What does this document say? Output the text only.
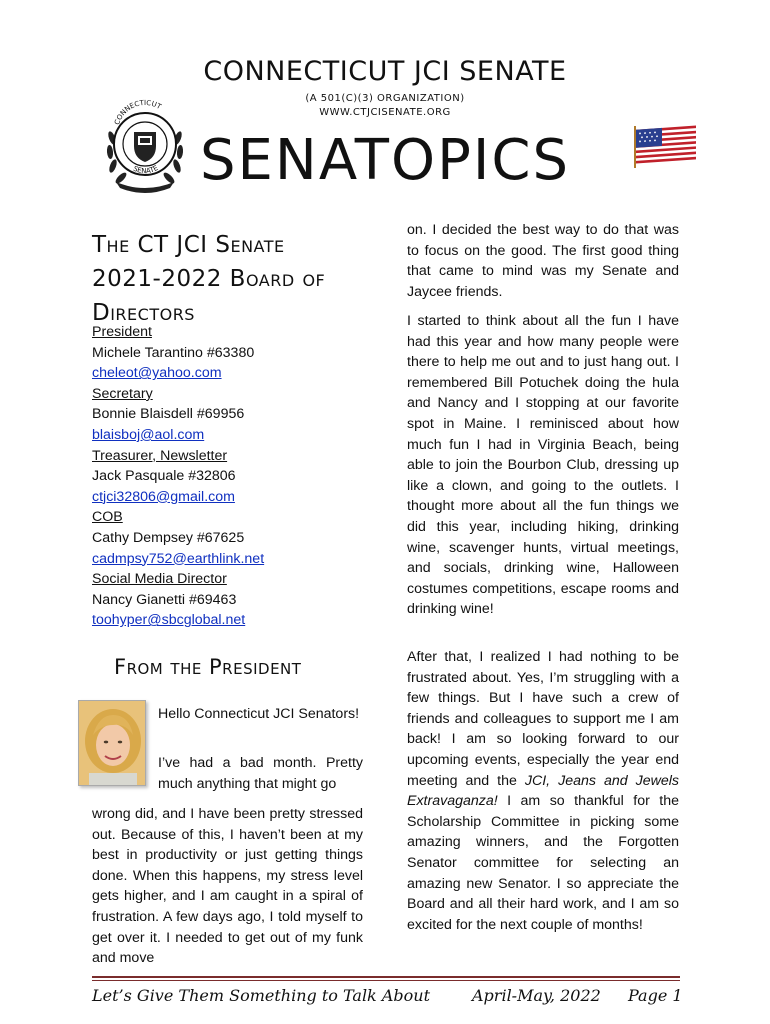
CONNECTICUT JCI SENATE
(A 501(C)(3) ORGANIZATION)
WWW.CTJCISENATE.ORG
SENATOPICS
CONNECTICUT
SENATE
The CT JCI Senate
2021-2022 Board of
Directors
President
Michele Tarantino #63380
cheleot@yahoo.com
Secretary
Bonnie Blaisdell #69956
blaisboj@aol.com
Treasurer, Newsletter
Jack Pasquale #32806
ctjci32806@gmail.com
COB
Cathy Dempsey #67625
cadmpsy752@earthlink.net
Social Media Director
Nancy Gianetti #69463
toohyper@sbcglobal.net
From the President
Hello Connecticut JCI Senators!
I’ve had a bad month. Pretty much anything that might go
wrong did, and I have been pretty stressed out. Because of this, I haven’t been at my best in productivity or just getting things done. When this happens, my stress level gets higher, and I am caught in a spiral of frustration. A few days ago, I told myself to get over it. I needed to get out of my funk and move
on. I decided the best way to do that was to focus on the good. The first good thing that came to mind was my Senate and Jaycee friends.
I started to think about all the fun I have had this year and how many people were there to help me out and to just hang out. I remembered Bill Potuchek doing the hula and Nancy and I stopping at our favorite spot in Maine. I reminisced about how much fun I had in Virginia Beach, being able to join the Bourbon Club, dressing up like a clown, and going to the outlets. I thought more about all the fun things we did this year, including hiking, drinking wine, scavenger hunts, virtual meetings, and socials, drinking wine, Halloween costumes competitions, escape rooms and drinking wine!
After that, I realized I had nothing to be frustrated about. Yes, I’m struggling with a few things. But I have such a crew of friends and colleagues to support me I am back! I am so looking forward to our upcoming events, especially the year end meeting and the JCI, Jeans and Jewels Extravaganza! I am so thankful for the Scholarship Committee in picking some amazing winners, and the Forgotten Senator committee for selecting an amazing new Senator. I so appreciate the Board and all their hard work, and I am so excited for the next couple of months!
Let’s Give Them Something to Talk About	April-May, 2022 Page 1
